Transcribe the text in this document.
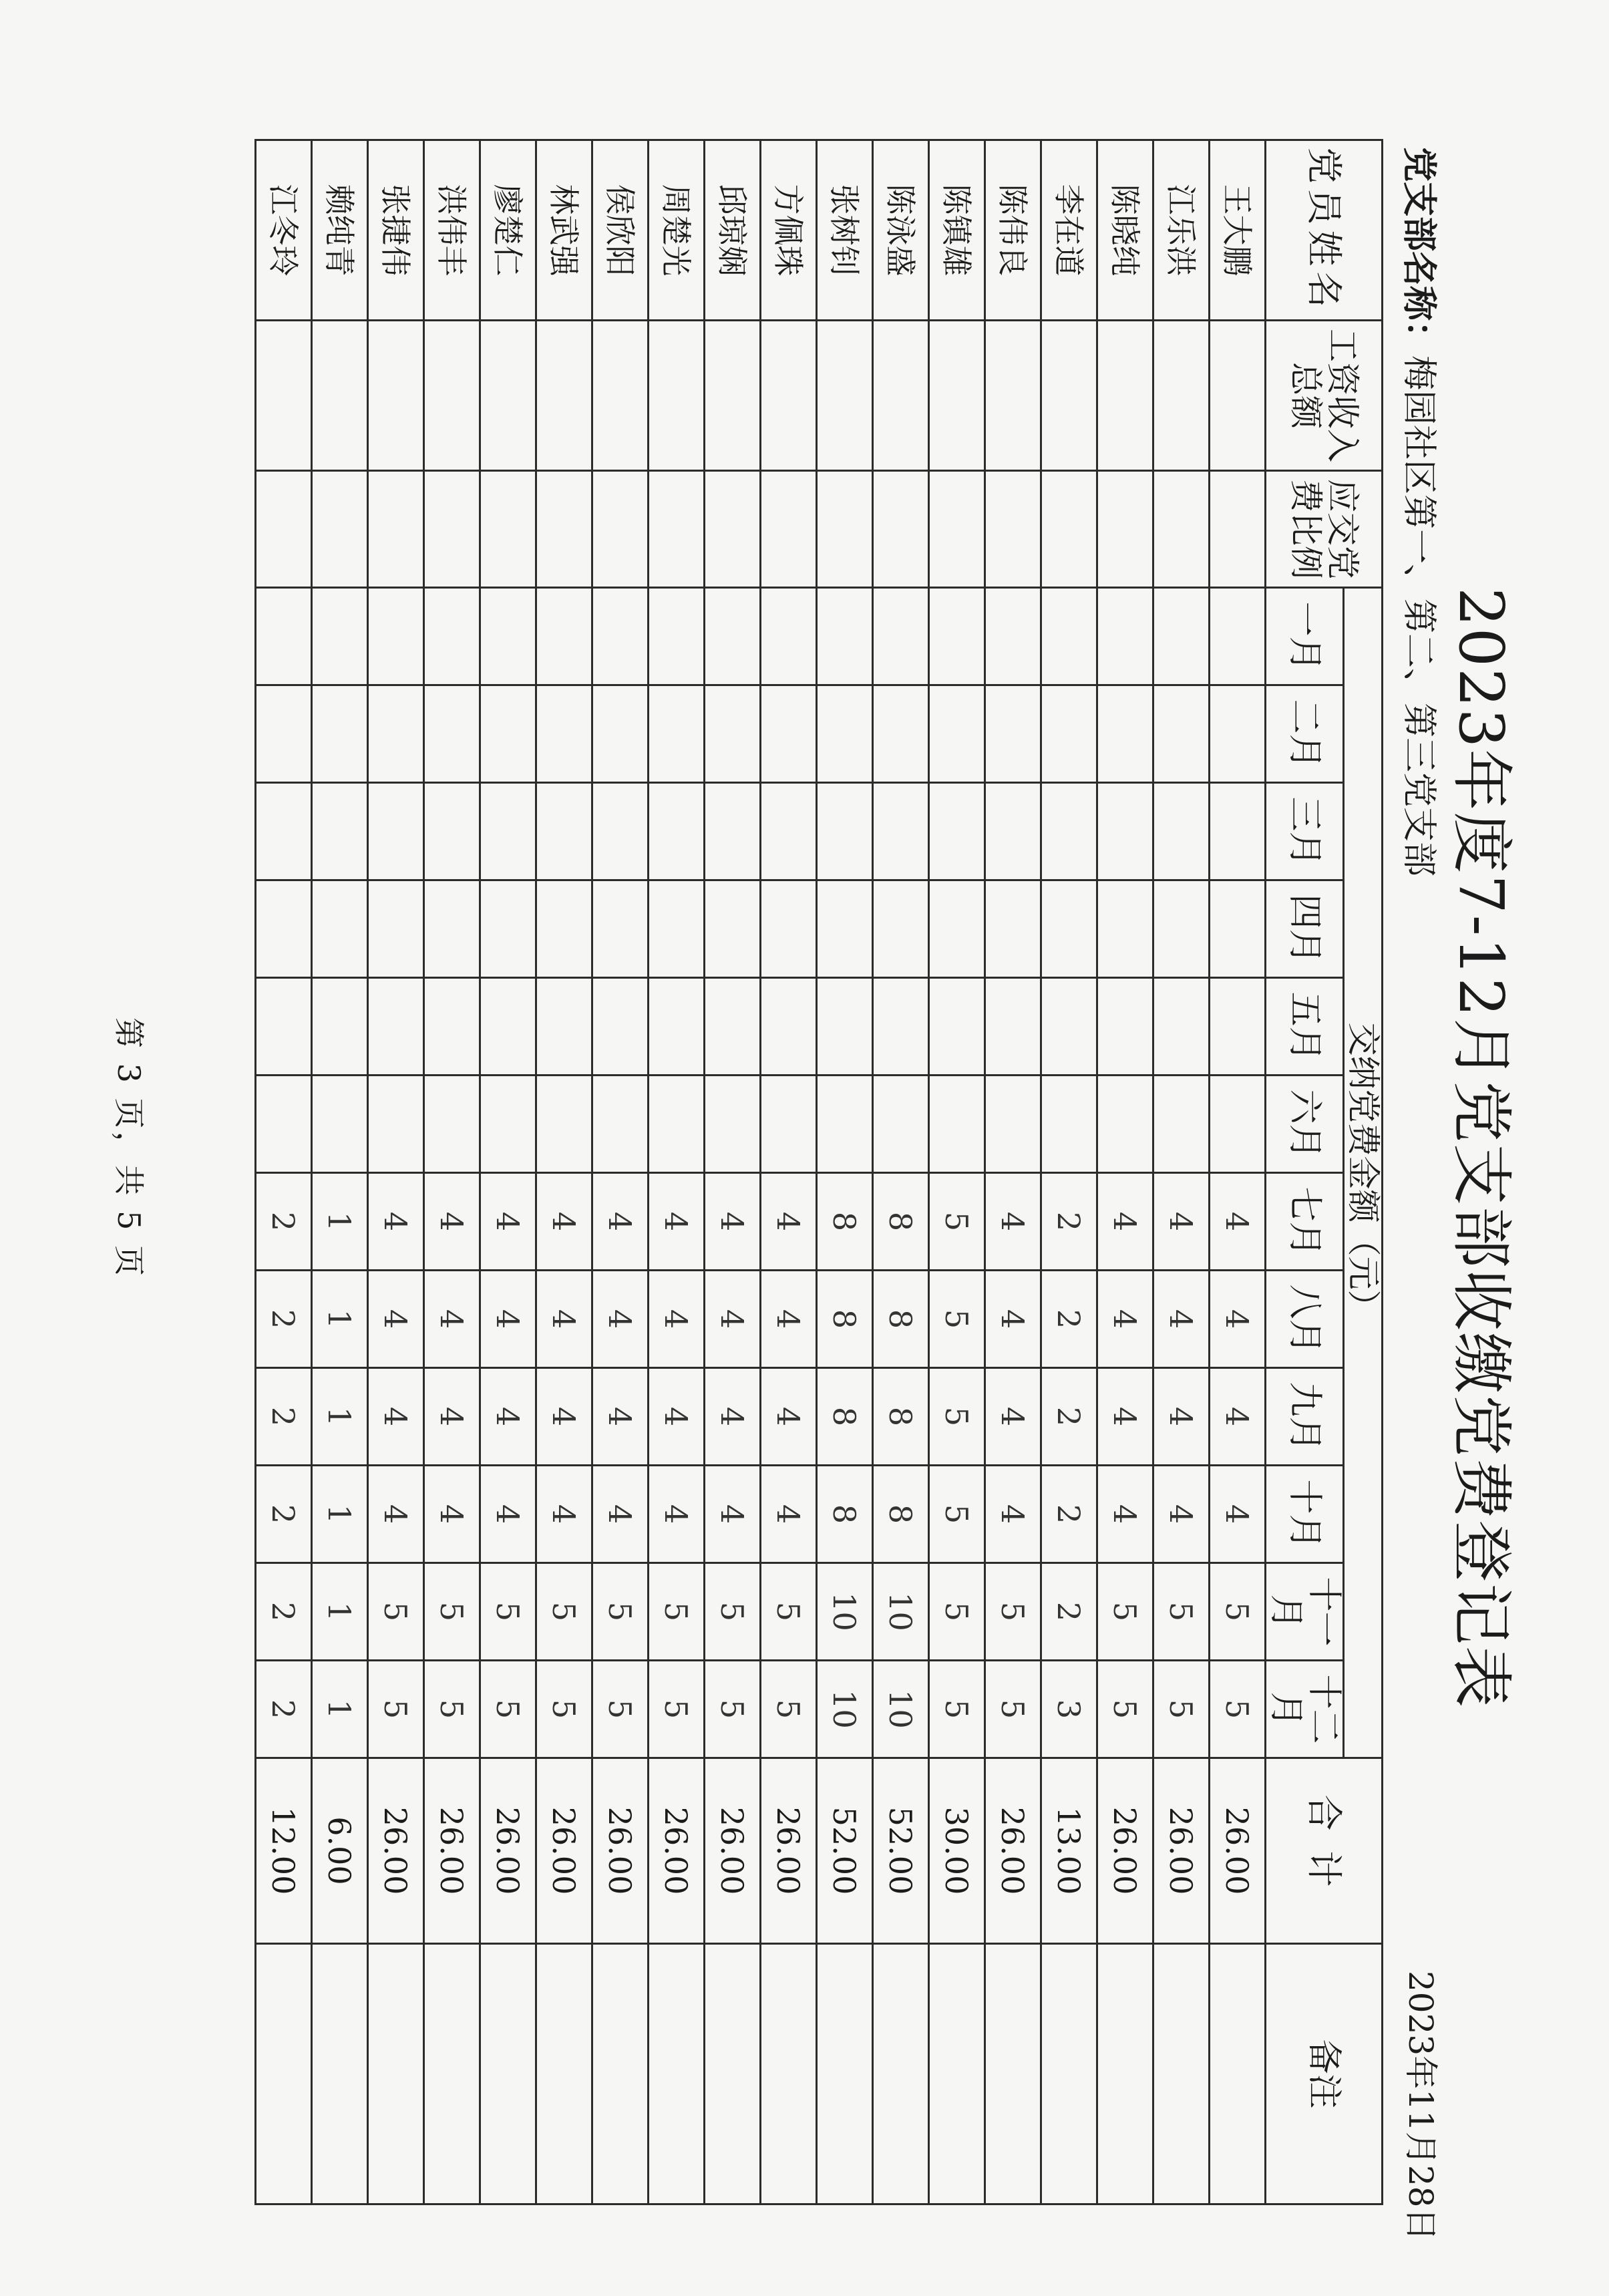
2023年度7-12月党支部收缴党费登记表
党支部名称：梅园社区第一、第二、第三党支部
2023年11月28日
党员姓名	工资收入总额	应交党费比例	交纳党费金额（元）												合计	备注
			一月	二月	三月	四月	五月	六月	七月	八月	九月	十月	十一月	十二月		
王大鹏									4	4	4	4	5	5	26.00	
江乐洪									4	4	4	4	5	5	26.00	
陈晓纯									4	4	4	4	5	5	26.00	
李在道									2	2	2	2	2	3	13.00	
陈伟良									4	4	4	4	5	5	26.00	
陈镇雄									5	5	5	5	5	5	30.00	
陈泳盛									8	8	8	8	10	10	52.00	
张树钊									8	8	8	8	10	10	52.00	
方佩珠									4	4	4	4	5	5	26.00	
邱琼娴									4	4	4	4	5	5	26.00	
周楚光									4	4	4	4	5	5	26.00	
侯欣阳									4	4	4	4	5	5	26.00	
林武强									4	4	4	4	5	5	26.00	
廖楚仁									4	4	4	4	5	5	26.00	
洪伟丰									4	4	4	4	5	5	26.00	
张捷伟									4	4	4	4	5	5	26.00	
赖纯青									1	1	1	1	1	1	6.00	
江冬玲									2	2	2	2	2	2	12.00	
第 3 页，共 5 页
